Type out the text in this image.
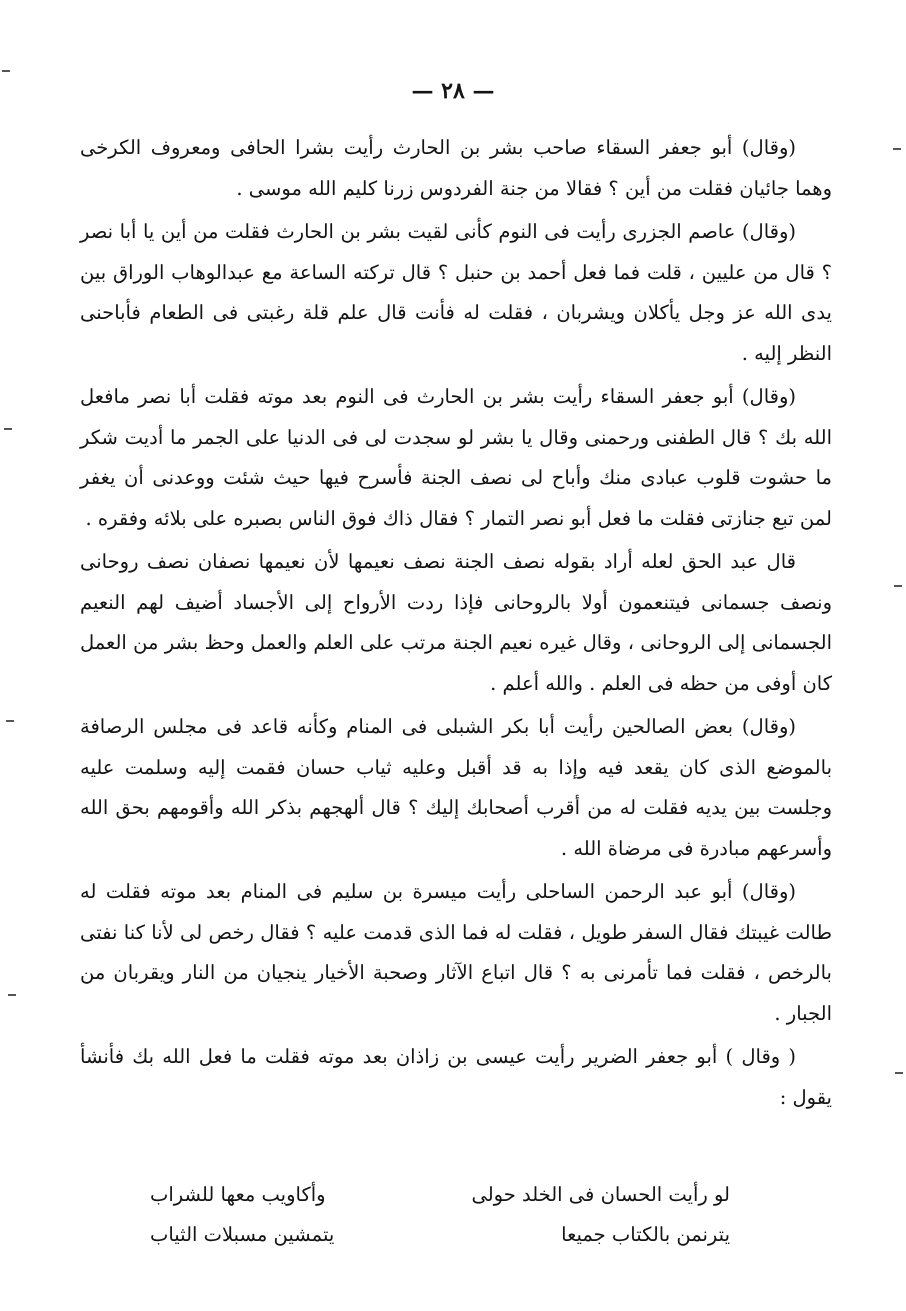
— ٢٨ —

(وقال) أبو جعفر السقاء صاحب بشر بن الحارث رأيت بشرا الحافى ومعروف الكرخى وهما جائيان فقلت من أين ؟ فقالا من جنة الفردوس زرنا كليم الله موسى .

(وقال) عاصم الجزرى رأيت فى النوم كأنى لقيت بشر بن الحارث فقلت من أين يا أبا نصر ؟ قال من عليين ، قلت فما فعل أحمد بن حنبل ؟ قال تركته الساعة مع عبدالوهاب الوراق بين يدى الله عز وجل يأكلان ويشربان ، فقلت له فأنت قال علم قلة رغبتى فى الطعام فأباحنى النظر إليه .

(وقال) أبو جعفر السقاء رأيت بشر بن الحارث فى النوم بعد موته فقلت أبا نصر مافعل الله بك ؟ قال الطفنى ورحمنى وقال يا بشر لو سجدت لى فى الدنيا على الجمر ما أديت شكر ما حشوت قلوب عبادى منك وأباح لى نصف الجنة فأسرح فيها حيث شئت ووعدنى أن يغفر لمن تبع جنازتى فقلت ما فعل أبو نصر التمار ؟ فقال ذاك فوق الناس بصبره على بلائه وفقره .

قال عبد الحق لعله أراد بقوله نصف الجنة نصف نعيمها لأن نعيمها نصفان نصف روحانى ونصف جسمانى فيتنعمون أولا بالروحانى فإذا ردت الأرواح إلى الأجساد أضيف لهم النعيم الجسمانى إلى الروحانى ، وقال غيره نعيم الجنة مرتب على العلم والعمل وحظ بشر من العمل كان أوفى من حظه فى العلم . والله أعلم .

(وقال) بعض الصالحين رأيت أبا بكر الشبلى فى المنام وكأنه قاعد فى مجلس الرصافة بالموضع الذى كان يقعد فيه وإذا به قد أقبل وعليه ثياب حسان فقمت إليه وسلمت عليه وجلست بين يديه فقلت له من أقرب أصحابك إليك ؟ قال ألهجهم بذكر الله وأقومهم بحق الله وأسرعهم مبادرة فى مرضاة الله .

(وقال) أبو عبد الرحمن الساحلى رأيت ميسرة بن سليم فى المنام بعد موته فقلت له طالت غيبتك فقال السفر طويل ، فقلت له فما الذى قدمت عليه ؟ فقال رخص لى لأنا كنا نفتى بالرخص ، فقلت فما تأمرنى به ؟ قال اتباع الآثار وصحبة الأخيار ينجيان من النار ويقربان من الجبار .

( وقال ) أبو جعفر الضرير رأيت عيسى بن زاذان بعد موته فقلت ما فعل الله بك فأنشأ يقول :

لو رأيت الحسان فى الخلد حولى
وأكاويب معها للشراب
يترنمن بالكتاب جميعا
يتمشين مسبلات الثياب
